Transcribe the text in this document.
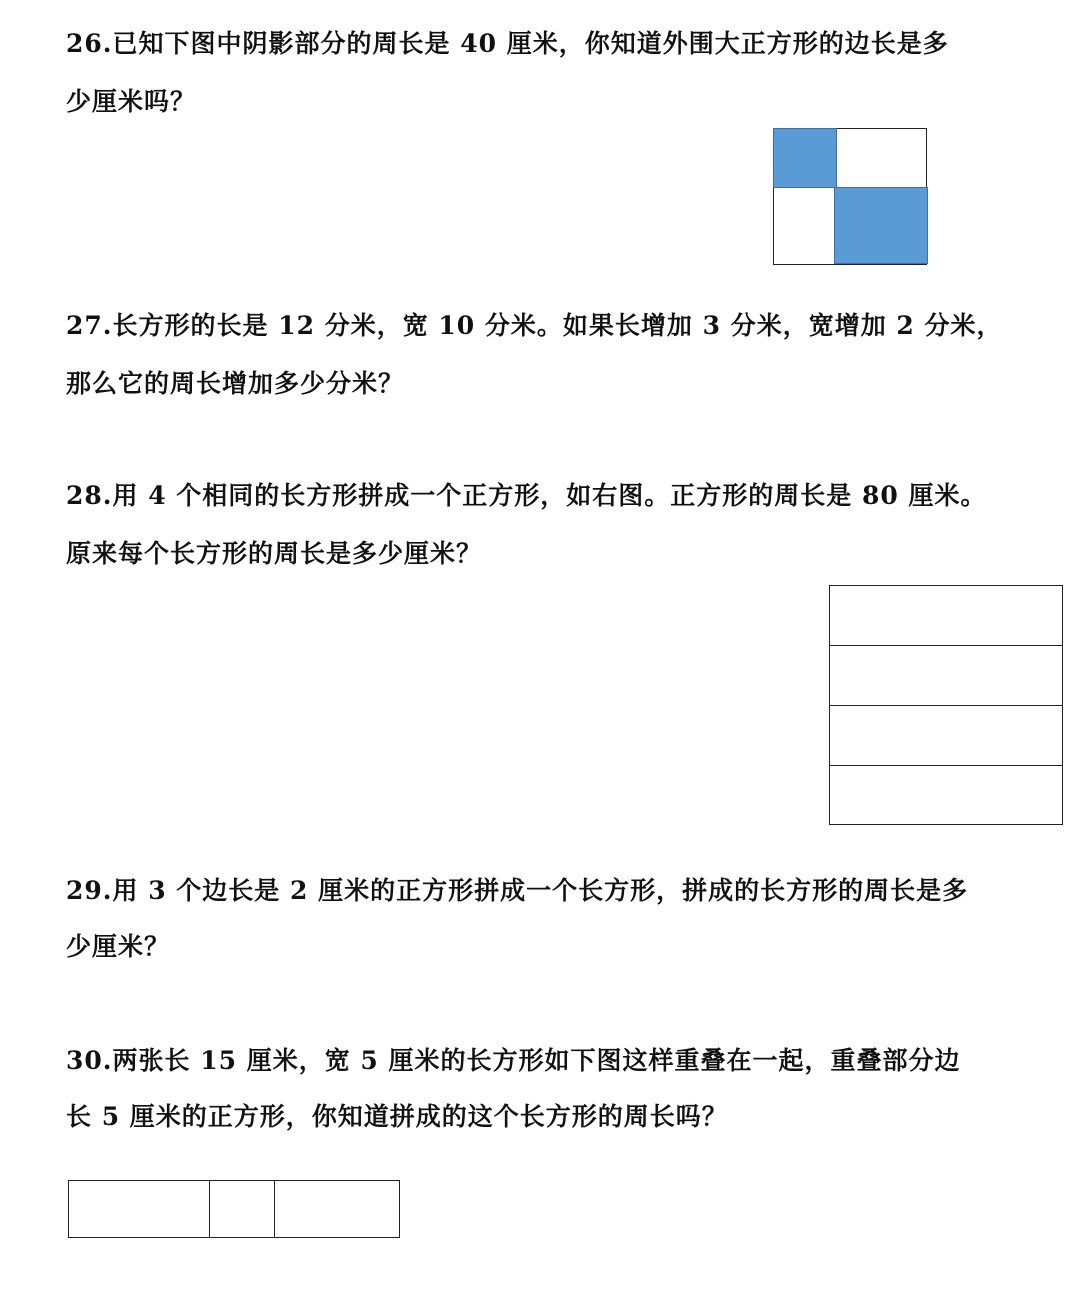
26.已知下图中阴影部分的周长是 40 厘米，你知道外围大正方形的边长是多
少厘米吗？
27.长方形的长是 12 分米，宽 10 分米。如果长增加 3 分米，宽增加 2 分米，
那么它的周长增加多少分米？
28.用 4 个相同的长方形拼成一个正方形，如右图。正方形的周长是 80 厘米。
原来每个长方形的周长是多少厘米？
29.用 3 个边长是 2 厘米的正方形拼成一个长方形，拼成的长方形的周长是多
少厘米？
30.两张长 15 厘米，宽 5 厘米的长方形如下图这样重叠在一起，重叠部分边
长 5 厘米的正方形，你知道拼成的这个长方形的周长吗？
